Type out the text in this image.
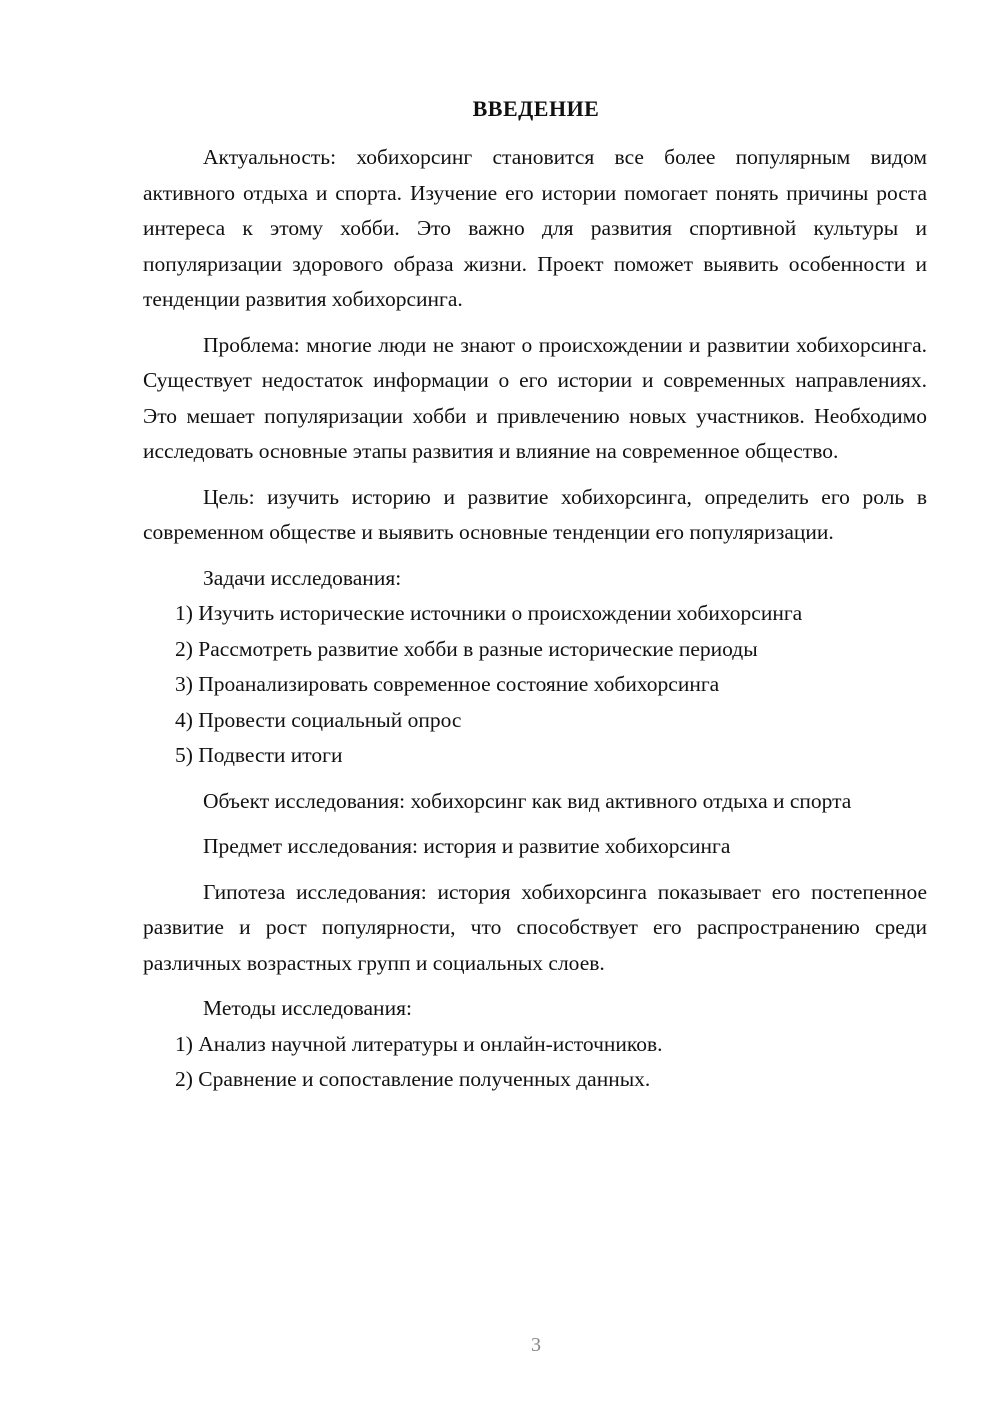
ВВЕДЕНИЕ

Актуальность: хобихорсинг становится все более популярным видом активного отдыха и спорта. Изучение его истории помогает понять причины роста интереса к этому хобби. Это важно для развития спортивной культуры и популяризации здорового образа жизни. Проект поможет выявить особенности и тенденции развития хобихорсинга.

Проблема: многие люди не знают о происхождении и развитии хобихорсинга. Существует недостаток информации о его истории и современных направлениях. Это мешает популяризации хобби и привлечению новых участников. Необходимо исследовать основные этапы развития и влияние на современное общество.

Цель: изучить историю и развитие хобихорсинга, определить его роль в современном обществе и выявить основные тенденции его популяризации.

Задачи исследования:

1) Изучить исторические источники о происхождении хобихорсинга

2) Рассмотреть развитие хобби в разные исторические периоды

3) Проанализировать современное состояние хобихорсинга

4) Провести социальный опрос

5) Подвести итоги

Объект исследования: хобихорсинг как вид активного отдыха и спорта

Предмет исследования: история и развитие хобихорсинга

Гипотеза исследования: история хобихорсинга показывает его постепенное развитие и рост популярности, что способствует его распространению среди различных возрастных групп и социальных слоев.

Методы исследования:

1) Анализ научной литературы и онлайн-источников.

2) Сравнение и сопоставление полученных данных.

3
